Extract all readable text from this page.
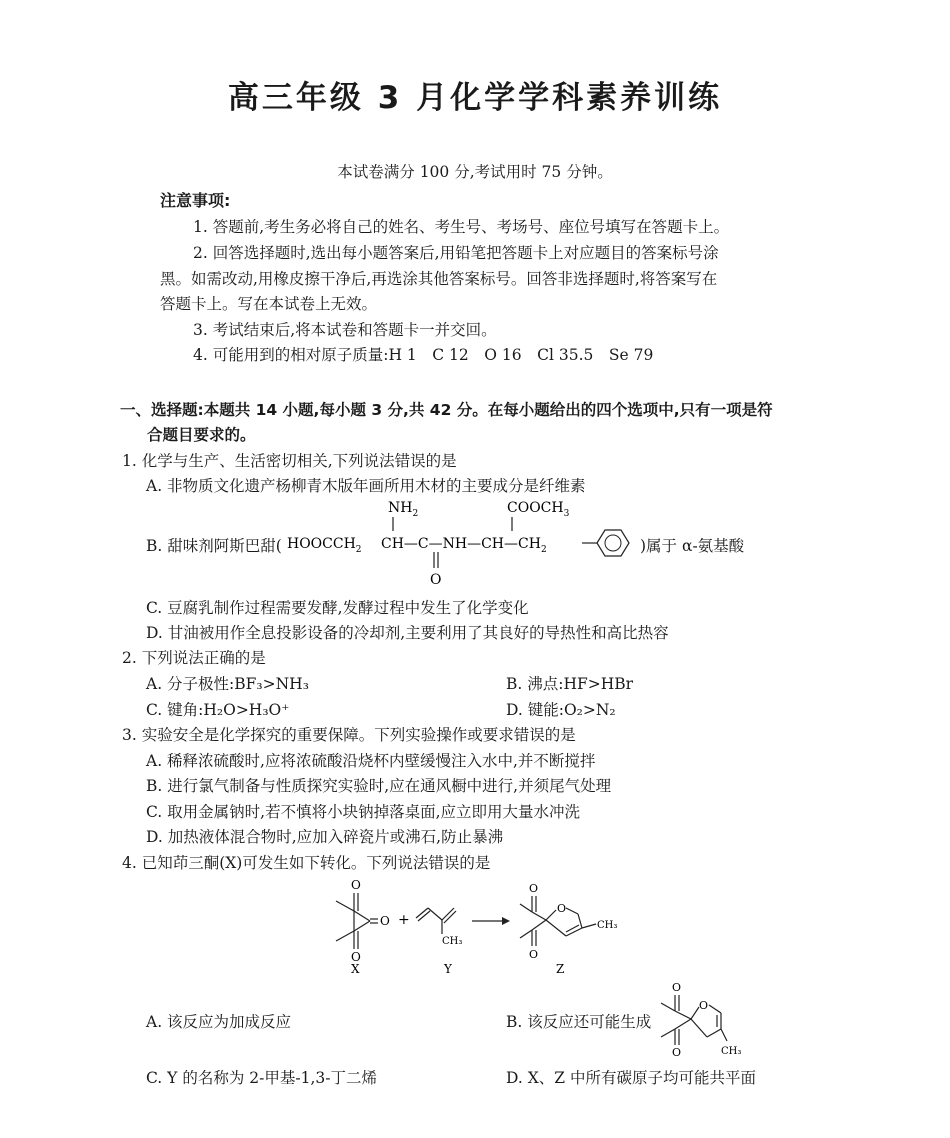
高三年级 3 月化学学科素养训练
本试卷满分 100 分,考试用时 75 分钟。
注意事项:
1. 答题前,考生务必将自己的姓名、考生号、考场号、座位号填写在答题卡上。
2. 回答选择题时,选出每小题答案后,用铅笔把答题卡上对应题目的答案标号涂
黑。如需改动,用橡皮擦干净后,再选涂其他答案标号。回答非选择题时,将答案写在
答题卡上。写在本试卷上无效。
3. 考试结束后,将本试卷和答题卡一并交回。
4. 可能用到的相对原子质量:H 1　C 12　O 16　Cl 35.5　Se 79
一、选择题:本题共 14 小题,每小题 3 分,共 42 分。在每小题给出的四个选项中,只有一项是符
合题目要求的。
1. 化学与生产、生活密切相关,下列说法错误的是
A. 非物质文化遗产杨柳青木版年画所用木材的主要成分是纤维素
B. 甜味剂阿斯巴甜(
$NH_2$	$COOCH_3$
$HOOCCH_2$ $CH—C—NH—CH—CH_2$
O
)属于 α-氨基酸
C. 豆腐乳制作过程需要发酵,发酵过程中发生了化学变化
D. 甘油被用作全息投影设备的冷却剂,主要利用了其良好的导热性和高比热容
2. 下列说法正确的是
A. 分子极性:BF₃>NH₃	B. 沸点:HF>HBr
C. 键角:H₂O>H₃O⁺	D. 键能:O₂>N₂
3. 实验安全是化学探究的重要保障。下列实验操作或要求错误的是
A. 稀释浓硫酸时,应将浓硫酸沿烧杯内壁缓慢注入水中,并不断搅拌
B. 进行氯气制备与性质探究实验时,应在通风橱中进行,并须尾气处理
C. 取用金属钠时,若不慎将小块钠掉落桌面,应立即用大量水冲洗
D. 加热液体混合物时,应加入碎瓷片或沸石,防止暴沸
4. 已知茚三酮(X)可发生如下转化。下列说法错误的是
O
O
O
X
+
CH₃
Y
O
O
O
CH₃
Z
A. 该反应为加成反应	B. 该反应还可能生成
O
O
O	CH₃
C. Y 的名称为 2-甲基-1,3-丁二烯	D. X、Z 中所有碳原子均可能共平面
